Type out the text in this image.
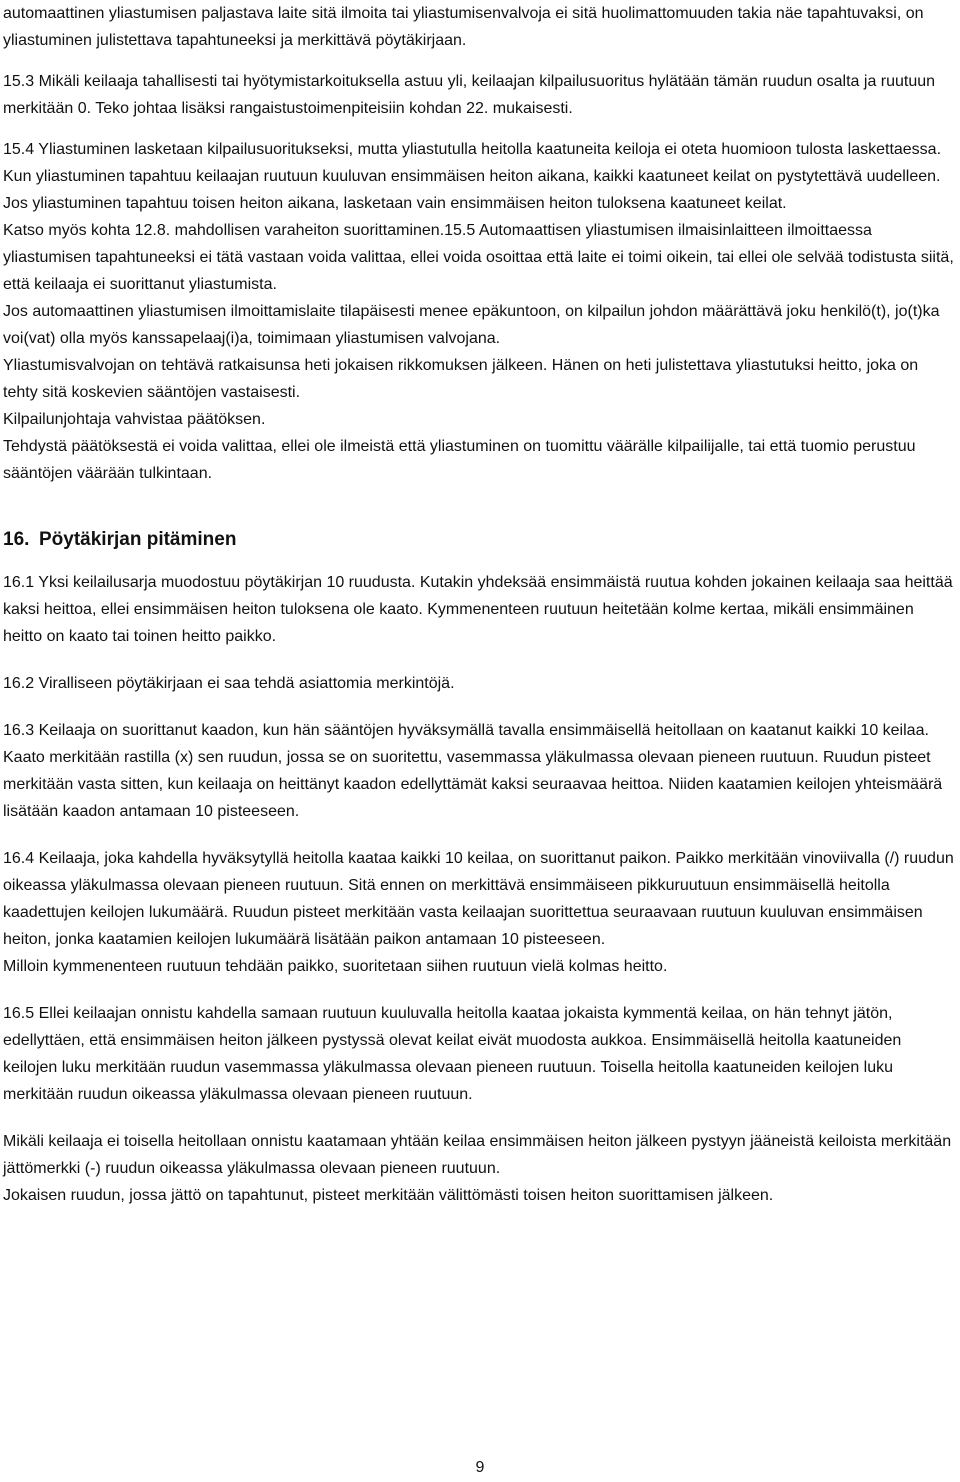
automaattinen yliastumisen paljastava laite sitä ilmoita tai yliastumisenvalvoja ei sitä huolimattomuuden takia näe tapahtuvaksi, on yliastuminen julistettava tapahtuneeksi ja merkittävä pöytäkirjaan.

15.3 Mikäli keilaaja tahallisesti tai hyötymistarkoituksella astuu yli, keilaajan kilpailusuoritus hylätään tämän ruudun osalta ja ruutuun merkitään 0. Teko johtaa lisäksi rangaistustoimenpiteisiin kohdan 22. mukaisesti.

15.4 Yliastuminen lasketaan kilpailusuoritukseksi, mutta yliastutulla heitolla kaatuneita keiloja ei oteta huomioon tulosta laskettaessa. Kun yliastuminen tapahtuu keilaajan ruutuun kuuluvan ensimmäisen heiton aikana, kaikki kaatuneet keilat on pystytettävä uudelleen. Jos yliastuminen tapahtuu toisen heiton aikana, lasketaan vain ensimmäisen heiton tuloksena kaatuneet keilat.

Katso myös kohta 12.8. mahdollisen varaheiton suorittaminen.15.5 Automaattisen yliastumisen ilmaisinlaitteen ilmoittaessa yliastumisen tapahtuneeksi ei tätä vastaan voida valittaa, ellei voida osoittaa että laite ei toimi oikein, tai ellei ole selvää todistusta siitä, että keilaaja ei suorittanut yliastumista.

Jos automaattinen yliastumisen ilmoittamislaite tilapäisesti menee epäkuntoon, on kilpailun johdon määrättävä joku henkilö(t), jo(t)ka voi(vat) olla myös kanssapelaaj(i)a, toimimaan yliastumisen valvojana.

Yliastumisvalvojan on tehtävä ratkaisunsa heti jokaisen rikkomuksen jälkeen. Hänen on heti julistettava yliastutuksi heitto, joka on tehty sitä koskevien sääntöjen vastaisesti.

Kilpailunjohtaja vahvistaa päätöksen.

Tehdystä päätöksestä ei voida valittaa, ellei ole ilmeistä että yliastuminen on tuomittu väärälle kilpailijalle, tai että tuomio perustuu sääntöjen väärään tulkintaan.

16. Pöytäkirjan pitäminen

16.1 Yksi keilailusarja muodostuu pöytäkirjan 10 ruudusta. Kutakin yhdeksää ensimmäistä ruutua kohden jokainen keilaaja saa heittää kaksi heittoa, ellei ensimmäisen heiton tuloksena ole kaato. Kymmenenteen ruutuun heitetään kolme kertaa, mikäli ensimmäinen heitto on kaato tai toinen heitto paikko.

16.2 Viralliseen pöytäkirjaan ei saa tehdä asiattomia merkintöjä.

16.3 Keilaaja on suorittanut kaadon, kun hän sääntöjen hyväksymällä tavalla ensimmäisellä heitollaan on kaatanut kaikki 10 keilaa. Kaato merkitään rastilla (x) sen ruudun, jossa se on suoritettu, vasemmassa yläkulmassa olevaan pieneen ruutuun. Ruudun pisteet merkitään vasta sitten, kun keilaaja on heittänyt kaadon edellyttämät kaksi seuraavaa heittoa. Niiden kaatamien keilojen yhteismäärä lisätään kaadon antamaan 10 pisteeseen.

16.4 Keilaaja, joka kahdella hyväksytyllä heitolla kaataa kaikki 10 keilaa, on suorittanut paikon. Paikko merkitään vinoviivalla (/) ruudun oikeassa yläkulmassa olevaan pieneen ruutuun. Sitä ennen on merkittävä ensimmäiseen pikkuruutuun ensimmäisellä heitolla kaadettujen keilojen lukumäärä. Ruudun pisteet merkitään vasta keilaajan suorittettua seuraavaan ruutuun kuuluvan ensimmäisen heiton, jonka kaatamien keilojen lukumäärä lisätään paikon antamaan 10 pisteeseen.

Milloin kymmenenteen ruutuun tehdään paikko, suoritetaan siihen ruutuun vielä kolmas heitto.

16.5 Ellei keilaajan onnistu kahdella samaan ruutuun kuuluvalla heitolla kaataa jokaista kymmentä keilaa, on hän tehnyt jätön, edellyttäen, että ensimmäisen heiton jälkeen pystyssä olevat keilat eivät muodosta aukkoa. Ensimmäisellä heitolla kaatuneiden keilojen luku merkitään ruudun vasemmassa yläkulmassa olevaan pieneen ruutuun. Toisella heitolla kaatuneiden keilojen luku merkitään ruudun oikeassa yläkulmassa olevaan pieneen ruutuun.

Mikäli keilaaja ei toisella heitollaan onnistu kaatamaan yhtään keilaa ensimmäisen heiton jälkeen pystyyn jääneistä keiloista merkitään jättömerkki (-) ruudun oikeassa yläkulmassa olevaan pieneen ruutuun.

Jokaisen ruudun, jossa jättö on tapahtunut, pisteet merkitään välittömästi toisen heiton suorittamisen jälkeen.

9
